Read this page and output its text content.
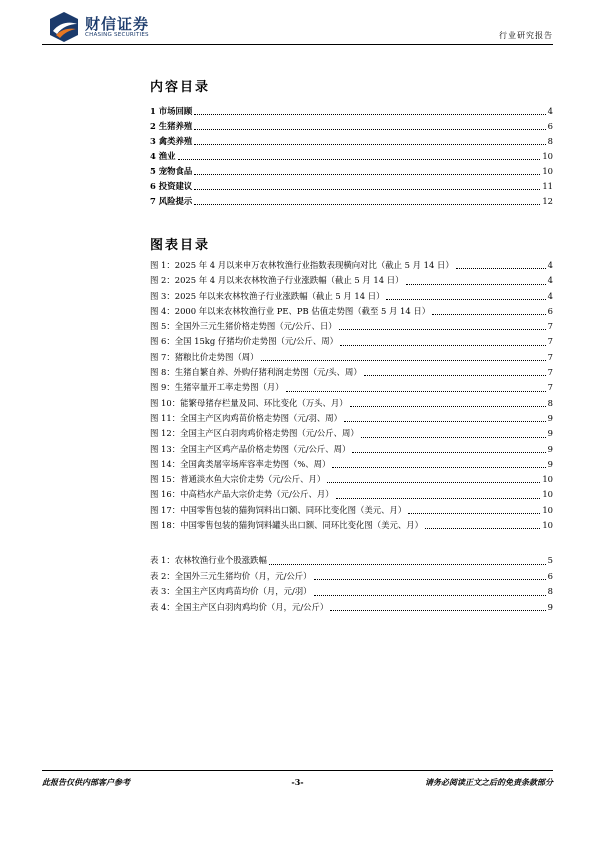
财信证券
CHASING SECURITIES	行业研究报告
内容目录
1 市场回顾	4
2 生猪养殖	6
3 禽类养殖	8
4 渔业	10
5 宠物食品	10
6 投资建议	11
7 风险提示	12
图表目录
图 1：2025 年 4 月以来申万农林牧渔行业指数表现横向对比（截止 5 月 14 日）	4
图 2：2025 年 4 月以来农林牧渔子行业涨跌幅（截止 5 月 14 日）	4
图 3：2025 年以来农林牧渔子行业涨跌幅（截止 5 月 14 日）	4
图 4：2000 年以来农林牧渔行业 PE、PB 估值走势图（截至 5 月 14 日）	6
图 5：全国外三元生猪价格走势图（元/公斤、日）	7
图 6：全国 15kg 仔猪均价走势图（元/公斤、周）	7
图 7：猪粮比价走势图（周）	7
图 8：生猪自繁自养、外购仔猪利润走势图（元/头、周）	7
图 9：生猪宰量开工率走势图（月）	7
图 10：能繁母猪存栏量及同、环比变化（万头、月）	8
图 11：全国主产区肉鸡苗价格走势图（元/羽、周）	9
图 12：全国主产区白羽肉鸡价格走势图（元/公斤、周）	9
图 13：全国主产区鸡产品价格走势图（元/公斤、周）	9
图 14：全国禽类屠宰场库容率走势图（%、周）	9
图 15：普通淡水鱼大宗价走势（元/公斤、月）	10
图 16：中高档水产品大宗价走势（元/公斤、月）	10
图 17：中国零售包装的猫狗饲料出口额、同环比变化图（美元、月）	10
图 18：中国零售包装的猫狗饲料罐头出口额、同环比变化图（美元、月）	10
表 1：农林牧渔行业个股涨跌幅	5
表 2：全国外三元生猪均价（月，元/公斤）	6
表 3：全国主产区肉鸡苗均价（月，元/羽）	8
表 4：全国主产区白羽肉鸡均价（月，元/公斤）	9
此报告仅供内部客户参考	-3-	请务必阅读正文之后的免责条款部分
